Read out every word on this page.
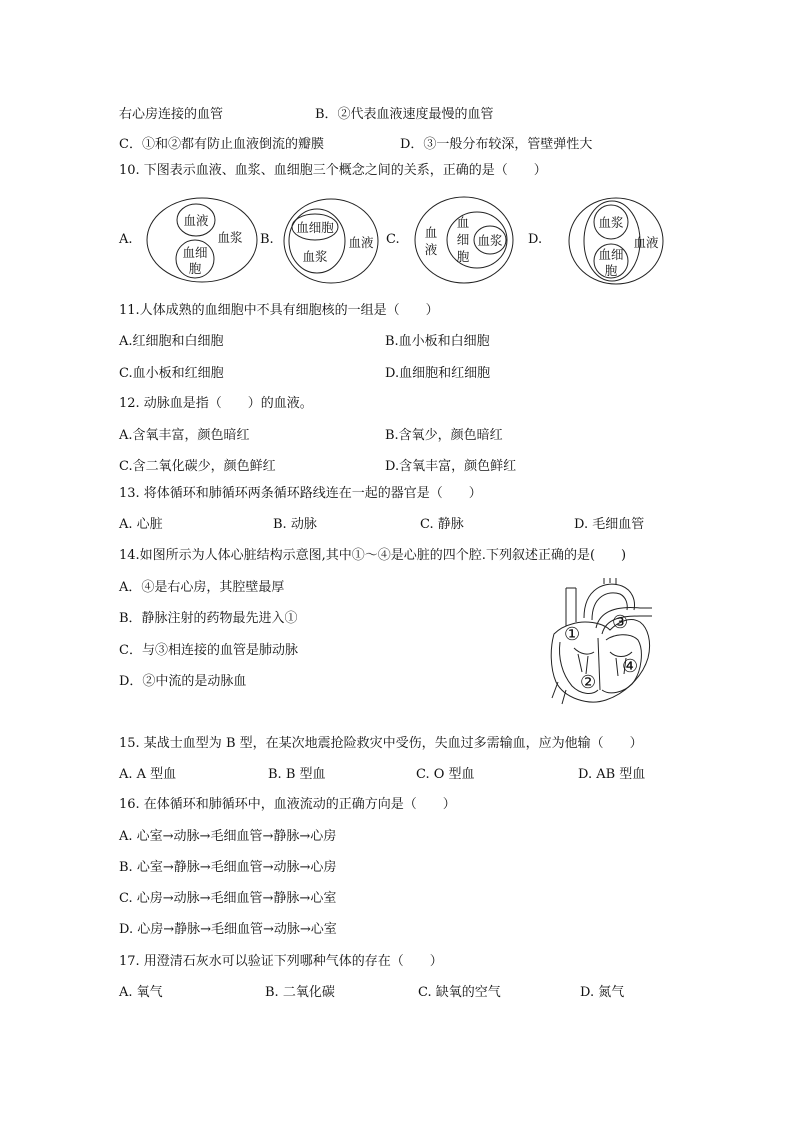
右心房连接的血管	B．②代表血液速度最慢的血管
C．①和②都有防止血液倒流的瓣膜	D．③一般分布较深，管壁弹性大
10. 下图表示血液、血浆、血细胞三个概念之间的关系，正确的是（　　）
A.
血液
血细
胞
血浆 B.
血细胞
血浆
血液 C. 血
液
血
细
胞
血浆 D.
血浆
血细
胞
血液
11.人体成熟的血细胞中不具有细胞核的一组是（　　）
A.红细胞和白细胞	B.血小板和白细胞
C.血小板和红细胞	D.血细胞和红细胞
12. 动脉血是指（　　）的血液。
A.含氧丰富，颜色暗红	B.含氧少，颜色暗红
C.含二氧化碳少，颜色鲜红	D.含氧丰富，颜色鲜红
13. 将体循环和肺循环两条循环路线连在一起的器官是（　　）
A. 心脏	B. 动脉	C. 静脉	D. 毛细血管
14.如图所示为人体心脏结构示意图,其中①～④是心脏的四个腔.下列叙述正确的是(　　)
A．④是右心房，其腔壁最厚
B．静脉注射的药物最先进入①
C．与③相连接的血管是肺动脉
D．②中流的是动脉血
①
②
③
④
15. 某战士血型为 B 型，在某次地震抢险救灾中受伤，失血过多需输血，应为他输（　　）
A. A 型血	B. B 型血	C. O 型血	D. AB 型血
16. 在体循环和肺循环中，血液流动的正确方向是（　　）
A. 心室→动脉→毛细血管→静脉→心房
B. 心室→静脉→毛细血管→动脉→心房
C. 心房→动脉→毛细血管→静脉→心室
D. 心房→静脉→毛细血管→动脉→心室
17. 用澄清石灰水可以验证下列哪种气体的存在（　　）
A. 氧气	B. 二氧化碳	C. 缺氧的空气	D. 氮气
